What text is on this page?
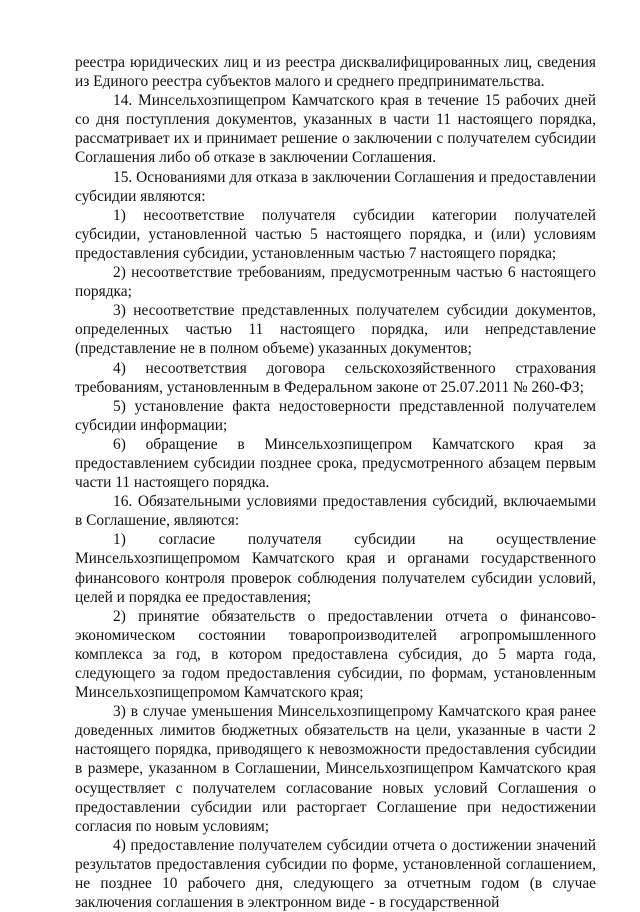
реестра юридических лиц и из реестра дисквалифицированных лиц, сведения из Единого реестра субъектов малого и среднего предпринимательства.

14. Минсельхозпищепром Камчатского края в течение 15 рабочих дней со дня поступления документов, указанных в части 11 настоящего порядка, рассматривает их и принимает решение о заключении с получателем субсидии Соглашения либо об отказе в заключении Соглашения.

15. Основаниями для отказа в заключении Соглашения и предоставлении субсидии являются:

1) несоответствие получателя субсидии категории получателей субсидии, установленной частью 5 настоящего порядка, и (или) условиям предоставления субсидии, установленным частью 7 настоящего порядка;

2) несоответствие требованиям, предусмотренным частью 6 настоящего порядка;

3) несоответствие представленных получателем субсидии документов, определенных частью 11 настоящего порядка, или непредставление (представление не в полном объеме) указанных документов;

4) несоответствия договора сельскохозяйственного страхования требованиям, установленным в Федеральном законе от 25.07.2011 № 260-ФЗ;

5) установление факта недостоверности представленной получателем субсидии информации;

6) обращение в Минсельхозпищепром Камчатского края за предоставлением субсидии позднее срока, предусмотренного абзацем первым части 11 настоящего порядка.

16. Обязательными условиями предоставления субсидий, включаемыми в Соглашение, являются:

1) согласие получателя субсидии на осуществление Минсельхозпищепромом Камчатского края и органами государственного финансового контроля проверок соблюдения получателем субсидии условий, целей и порядка ее предоставления;

2) принятие обязательств о предоставлении отчета о финансово-экономическом состоянии товаропроизводителей агропромышленного комплекса за год, в котором предоставлена субсидия, до 5 марта года, следующего за годом предоставления субсидии, по формам, установленным Минсельхозпищепромом Камчатского края;

3) в случае уменьшения Минсельхозпищепрому Камчатского края ранее доведенных лимитов бюджетных обязательств на цели, указанные в части 2 настоящего порядка, приводящего к невозможности предоставления субсидии в размере, указанном в Соглашении, Минсельхозпищепром Камчатского края осуществляет с получателем согласование новых условий Соглашения о предоставлении субсидии или расторгает Соглашение при недостижении согласия по новым условиям;

4) предоставление получателем субсидии отчета о достижении значений результатов предоставления субсидии по форме, установленной соглашением, не позднее 10 рабочего дня, следующего за отчетным годом (в случае заключения соглашения в электронном виде - в государственной
